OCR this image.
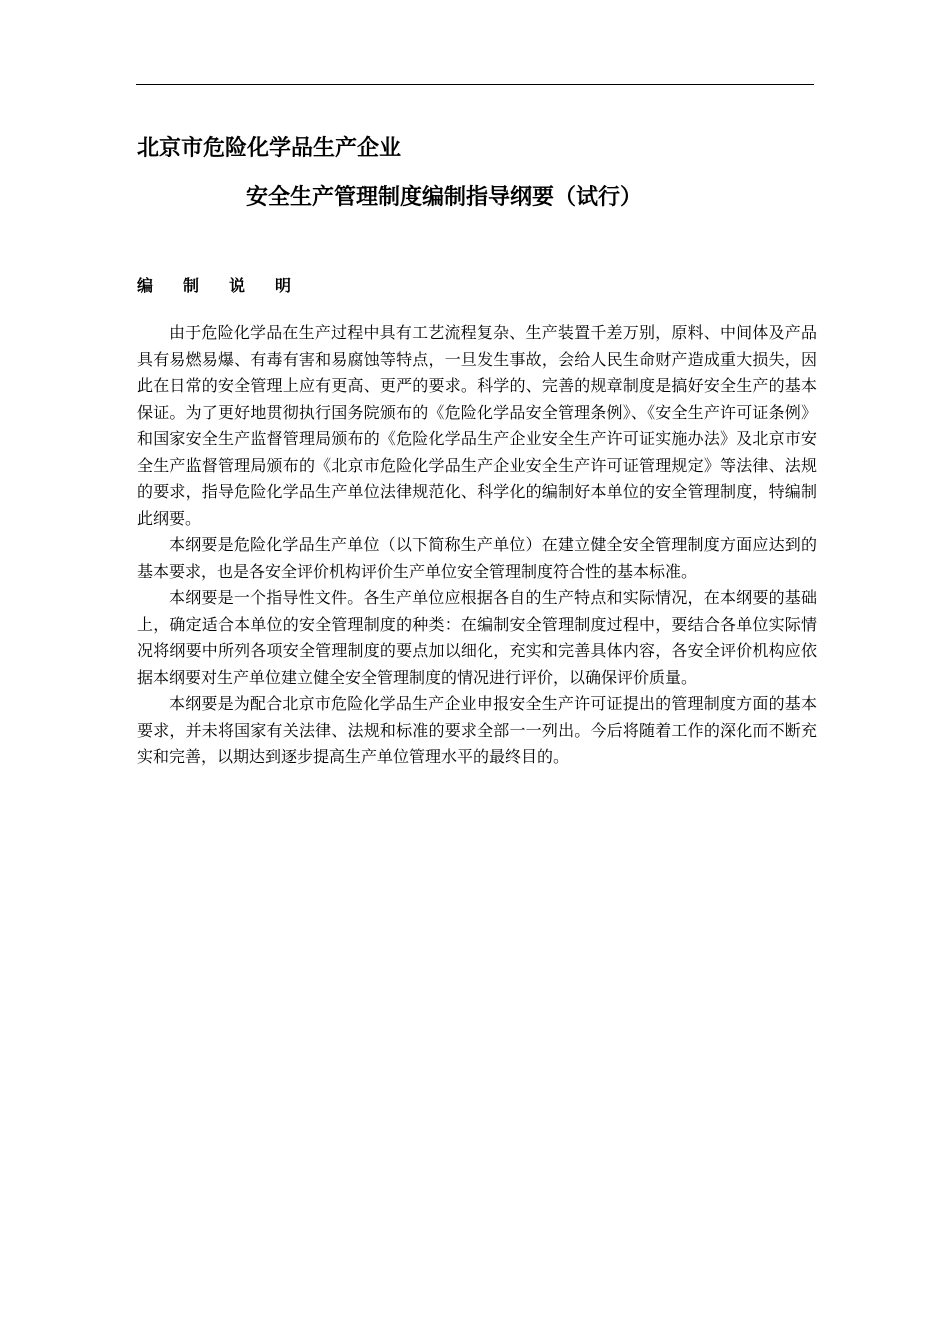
北京市危险化学品生产企业
安全生产管理制度编制指导纲要（试行）
编	制	说	明

由于危险化学品在生产过程中具有工艺流程复杂、生产装置千差万别，原料、中间体及产品具有易燃易爆、有毒有害和易腐蚀等特点，一旦发生事故，会给人民生命财产造成重大损失，因此在日常的安全管理上应有更高、更严的要求。科学的、完善的规章制度是搞好安全生产的基本保证。为了更好地贯彻执行国务院颁布的《危险化学品安全管理条例》、《安全生产许可证条例》和国家安全生产监督管理局颁布的《危险化学品生产企业安全生产许可证实施办法》及北京市安全生产监督管理局颁布的《北京市危险化学品生产企业安全生产许可证管理规定》等法律、法规的要求，指导危险化学品生产单位法律规范化、科学化的编制好本单位的安全管理制度，特编制此纲要。

本纲要是危险化学品生产单位（以下简称生产单位）在建立健全安全管理制度方面应达到的基本要求，也是各安全评价机构评价生产单位安全管理制度符合性的基本标准。

本纲要是一个指导性文件。各生产单位应根据各自的生产特点和实际情况，在本纲要的基础上，确定适合本单位的安全管理制度的种类：在编制安全管理制度过程中，要结合各单位实际情况将纲要中所列各项安全管理制度的要点加以细化，充实和完善具体内容，各安全评价机构应依据本纲要对生产单位建立健全安全管理制度的情况进行评价，以确保评价质量。

本纲要是为配合北京市危险化学品生产企业申报安全生产许可证提出的管理制度方面的基本要求，并未将国家有关法律、法规和标准的要求全部一一列出。今后将随着工作的深化而不断充实和完善，以期达到逐步提高生产单位管理水平的最终目的。
